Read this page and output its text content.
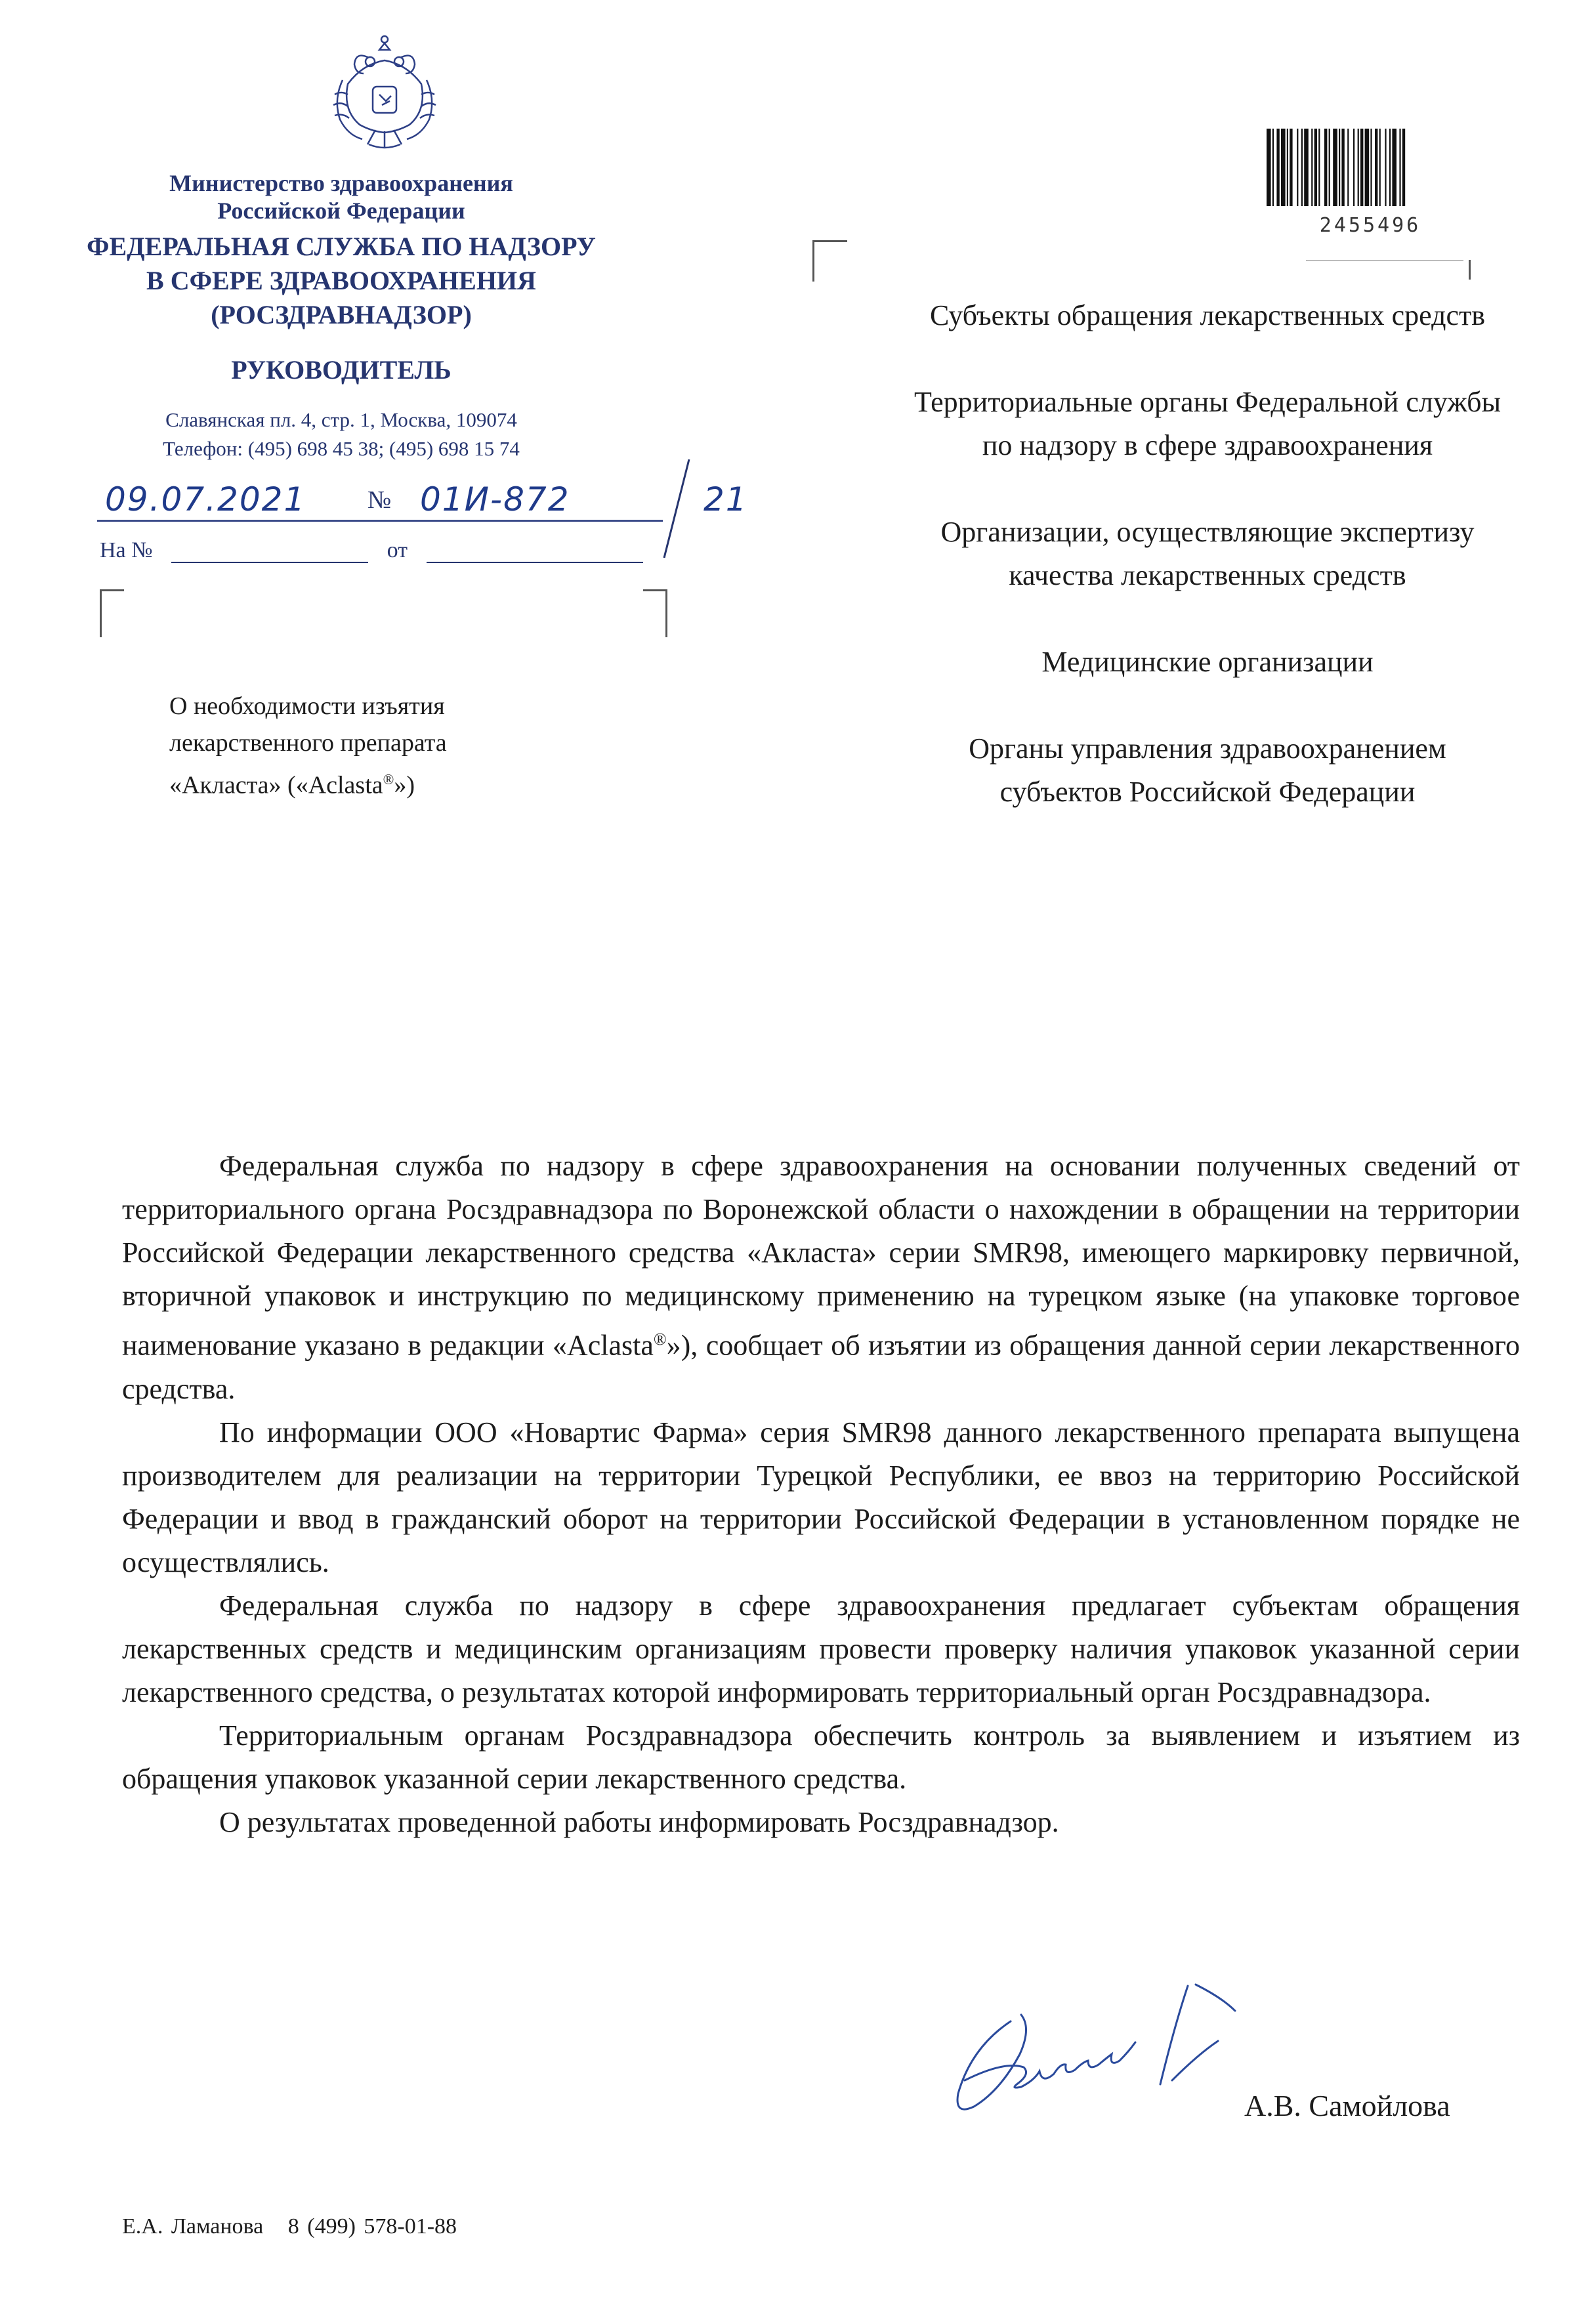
Министерство здравоохранения
Российской Федерации
ФЕДЕРАЛЬНАЯ СЛУЖБА ПО НАДЗОРУ
В СФЕРЕ ЗДРАВООХРАНЕНИЯ
(РОСЗДРАВНАДЗОР)
РУКОВОДИТЕЛЬ
Славянская пл. 4, стр. 1, Москва, 109074
Телефон: (495) 698 45 38; (495) 698 15 74
09.07.2021 № 01И-872	21
На №	от
О необходимости изъятия
лекарственного препарата
«Акласта» («Aclasta®»)
2455496
Субъекты обращения лекарственных средств
Территориальные органы Федеральной службы по надзору в сфере здравоохранения
Организации, осуществляющие экспертизу качества лекарственных средств
Медицинские организации
Органы управления здравоохранением субъектов Российской Федерации

Федеральная служба по надзору в сфере здравоохранения на основании полученных сведений от территориального органа Росздравнадзора по Воронежской области о нахождении в обращении на территории Российской Федерации лекарственного средства «Акласта» серии SMR98, имеющего маркировку первичной, вторичной упаковок и инструкцию по медицинскому применению на турецком языке (на упаковке торговое наименование указано в редакции «Aclasta®»), сообщает об изъятии из обращения данной серии лекарственного средства.

По информации ООО «Новартис Фарма» серия SMR98 данного лекарственного препарата выпущена производителем для реализации на территории Турецкой Республики, ее ввоз на территорию Российской Федерации и ввод в гражданский оборот на территории Российской Федерации в установленном порядке не осуществлялись.

Федеральная служба по надзору в сфере здравоохранения предлагает субъектам обращения лекарственных средств и медицинским организациям провести проверку наличия упаковок указанной серии лекарственного средства, о результатах которой информировать территориальный орган Росздравнадзора.

Территориальным органам Росздравнадзора обеспечить контроль за выявлением и изъятием из обращения упаковок указанной серии лекарственного средства.

О результатах проведенной работы информировать Росздравнадзор.

А.В. Самойлова
Е.А. Ламанова 8 (499) 578-01-88
